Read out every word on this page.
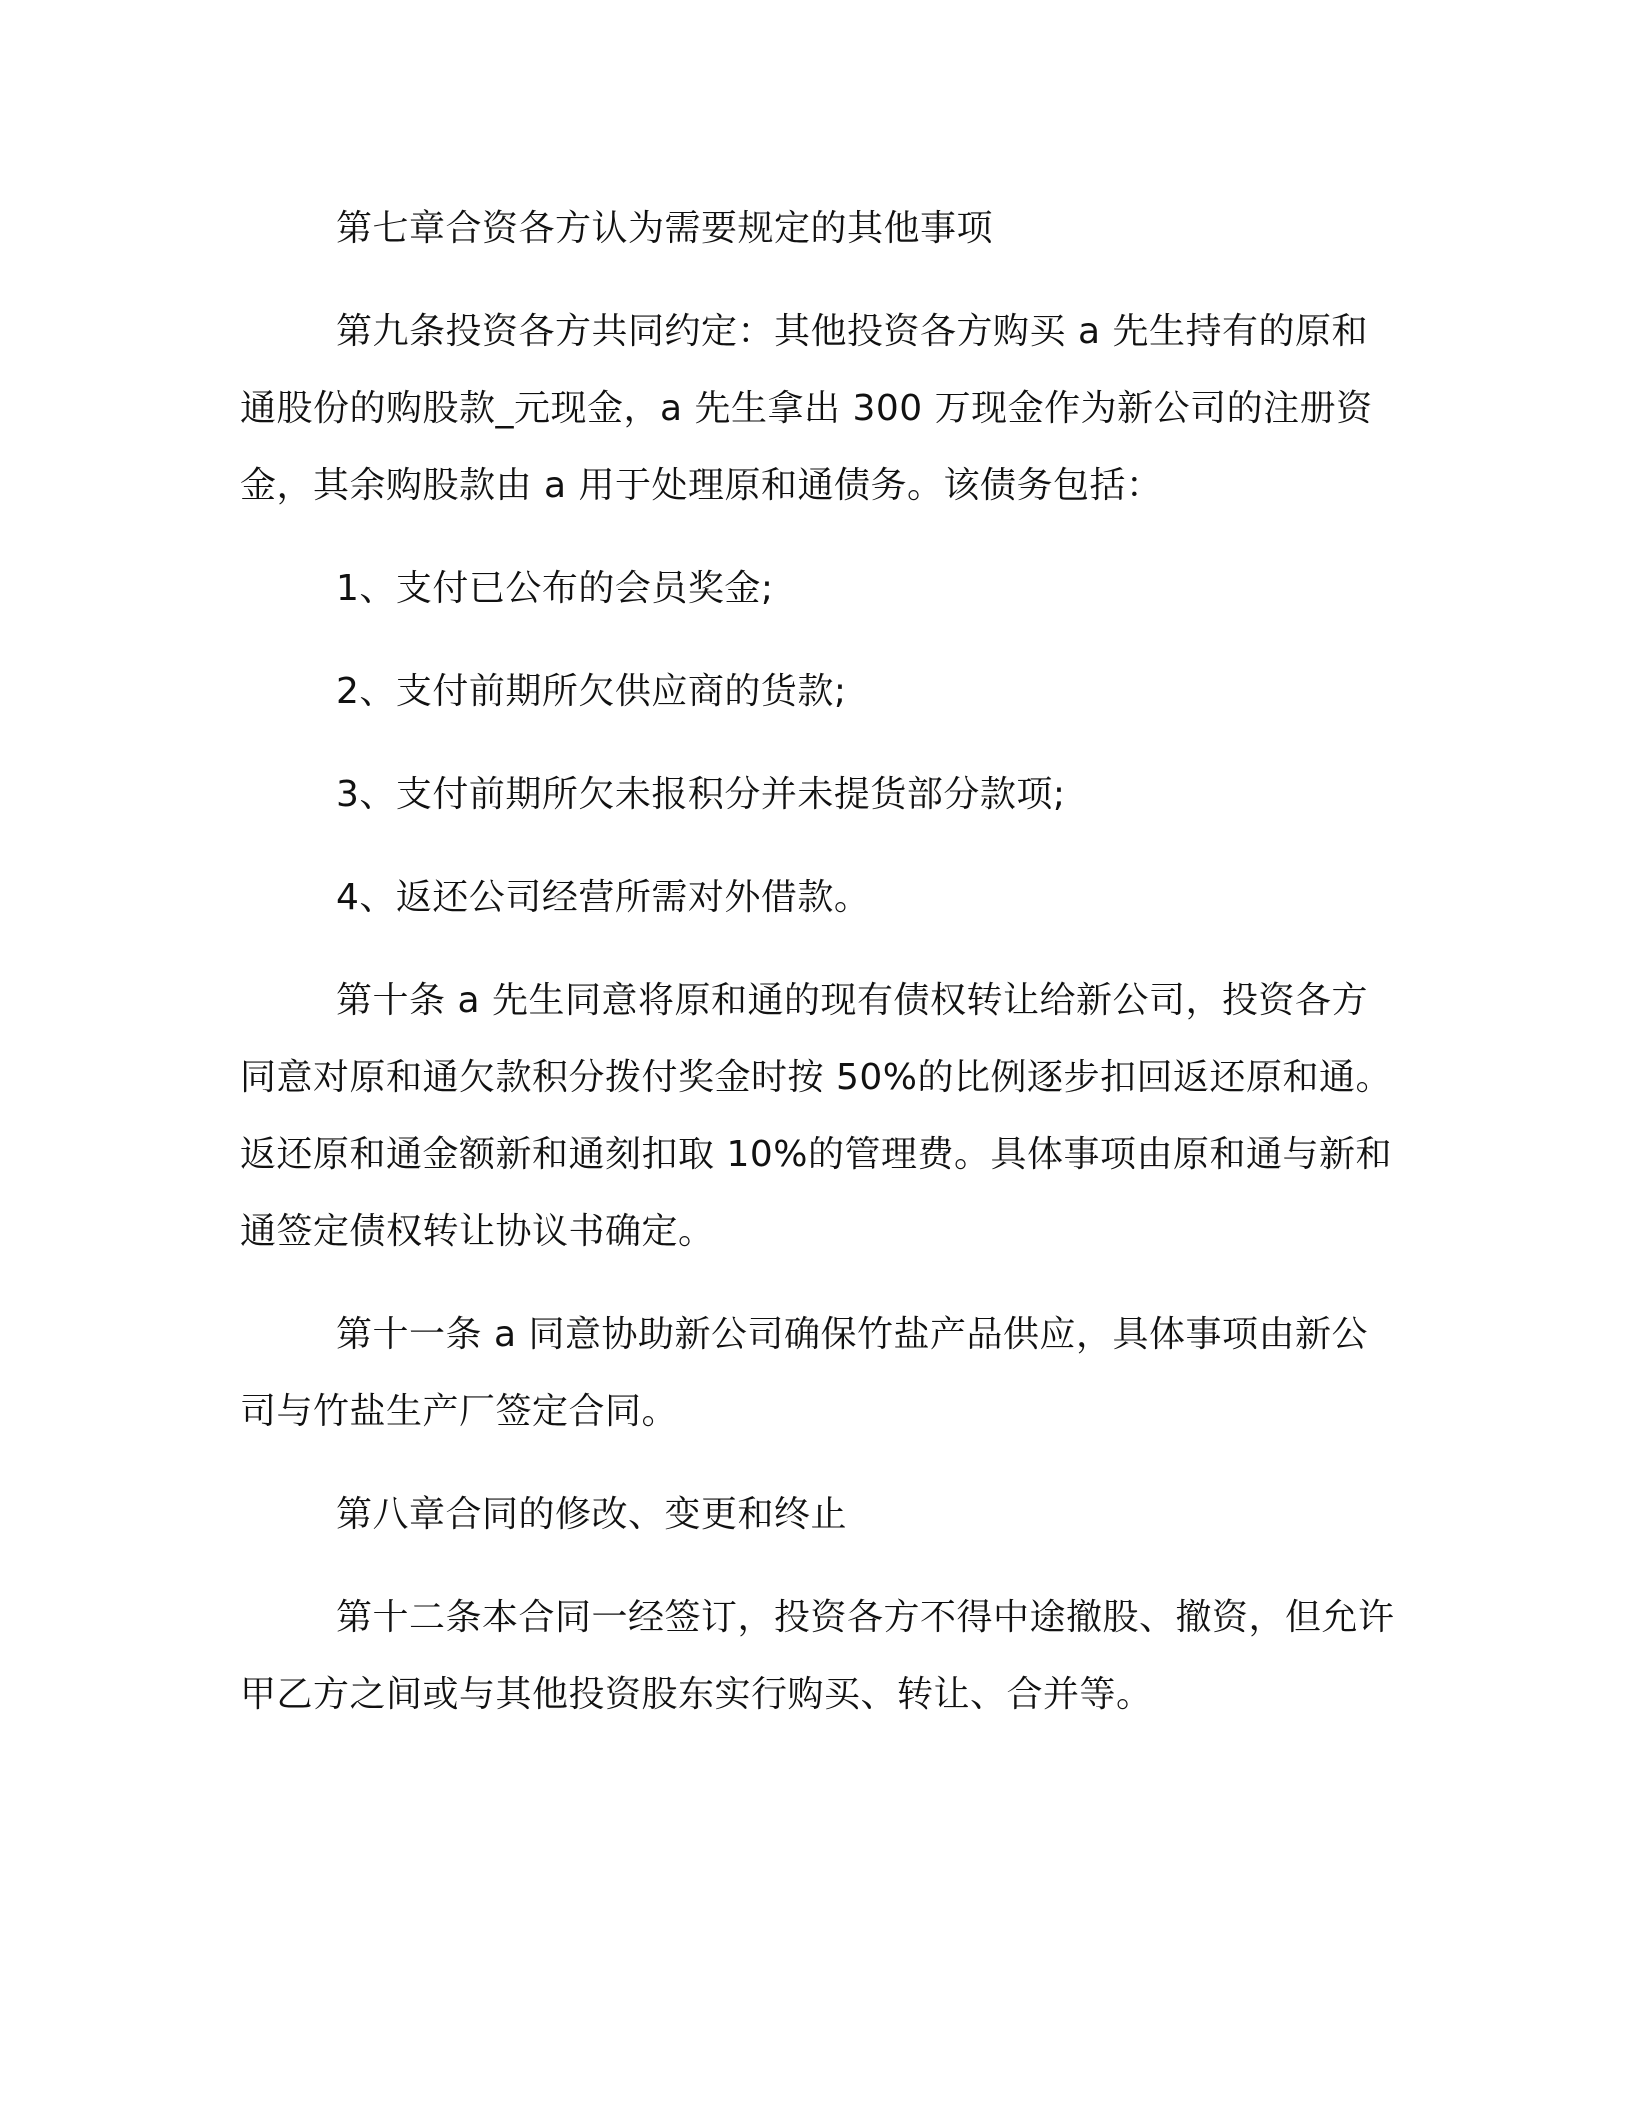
第七章合资各方认为需要规定的其他事项

第九条投资各方共同约定：其他投资各方购买 a 先生持有的原和通股份的购股款_元现金，a 先生拿出 300 万现金作为新公司的注册资金，其余购股款由 a 用于处理原和通债务。该债务包括：

1、支付已公布的会员奖金;

2、支付前期所欠供应商的货款;

3、支付前期所欠未报积分并未提货部分款项;

4、返还公司经营所需对外借款。

第十条 a 先生同意将原和通的现有债权转让给新公司，投资各方同意对原和通欠款积分拨付奖金时按 50%的比例逐步扣回返还原和通。返还原和通金额新和通刻扣取 10%的管理费。具体事项由原和通与新和通签定债权转让协议书确定。

第十一条 a 同意协助新公司确保竹盐产品供应，具体事项由新公司与竹盐生产厂签定合同。

第八章合同的修改、变更和终止

第十二条本合同一经签订，投资各方不得中途撤股、撤资，但允许甲乙方之间或与其他投资股东实行购买、转让、合并等。
